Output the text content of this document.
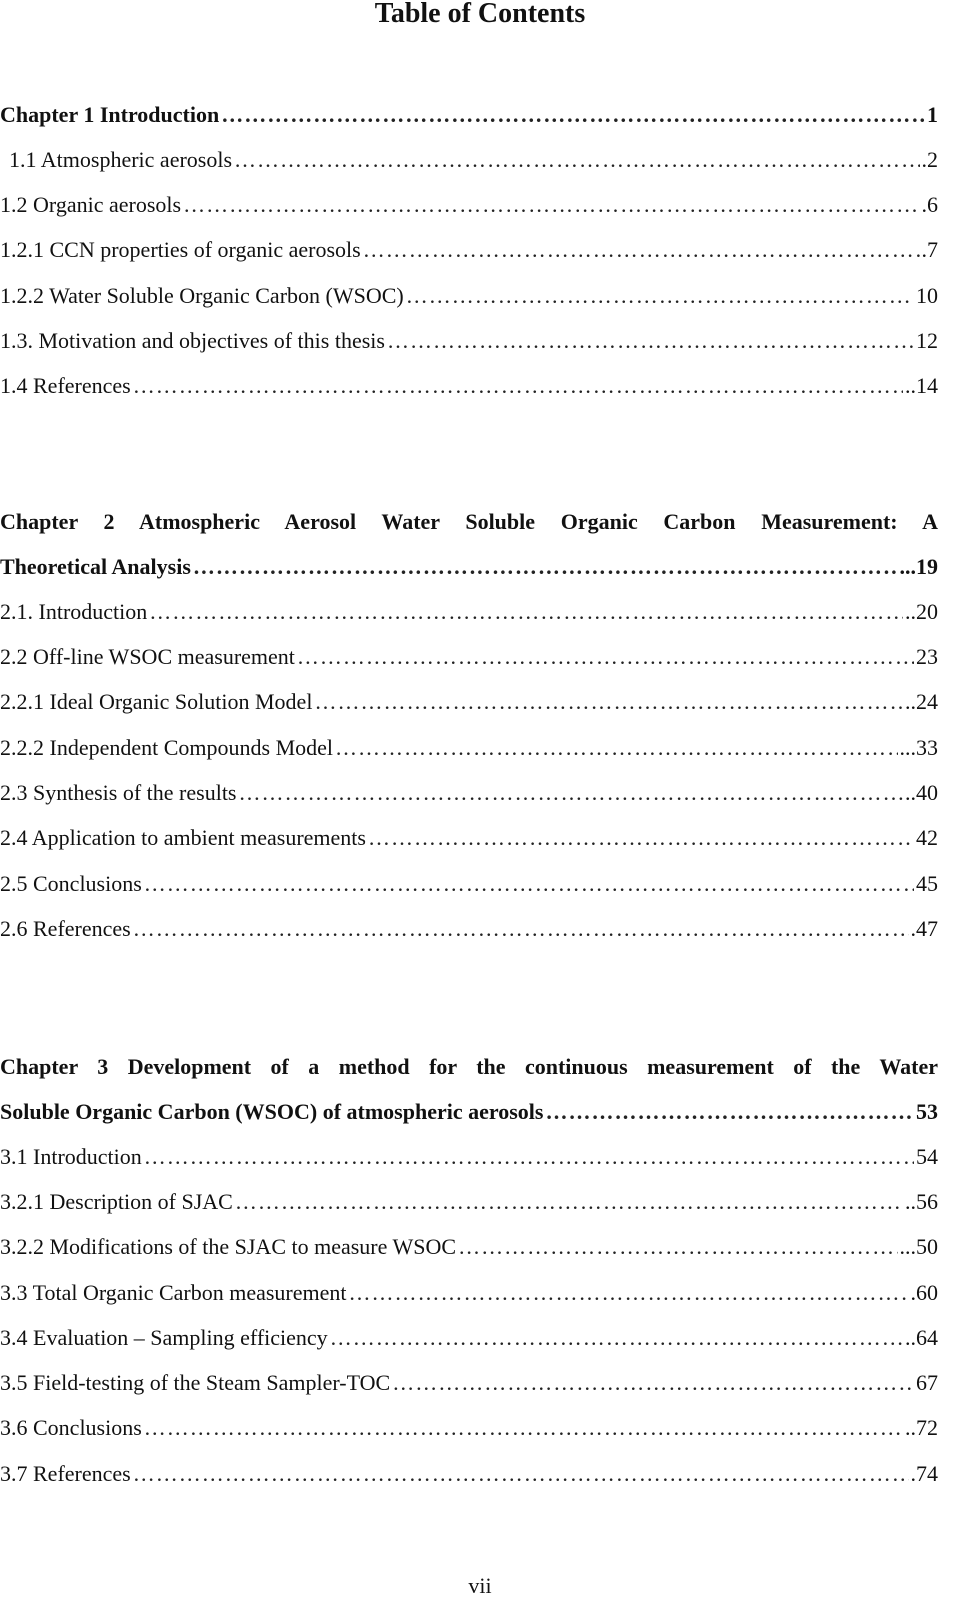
Table of Contents
Chapter 1 Introduction …………………………………………………………………………………………………………………………………………………………………………………………	1
1.1 Atmospheric aerosols …………………………………………………………………………………………………………………………………………………………………………………………	.2
1.2 Organic aerosols …………………………………………………………………………………………………………………………………………………………………………………………	.6
1.2.1 CCN properties of organic aerosols …………………………………………………………………………………………………………………………………………………………………………………………	.7
1.2.2 Water Soluble Organic Carbon (WSOC) …………………………………………………………………………………………………………………………………………………………………………………………	10
1.3. Motivation and objectives of this thesis …………………………………………………………………………………………………………………………………………………………………………………………	12
1.4 References …………………………………………………………………………………………………………………………………………………………………………………………	..14
Chapter 2 Atmospheric Aerosol Water Soluble Organic Carbon Measurement: A
Theoretical Analysis …………………………………………………………………………………………………………………………………………………………………………………………	...19
2.1. Introduction …………………………………………………………………………………………………………………………………………………………………………………………	..20
2.2 Off-line WSOC measurement …………………………………………………………………………………………………………………………………………………………………………………………	23
2.2.1 Ideal Organic Solution Model …………………………………………………………………………………………………………………………………………………………………………………………	..24
2.2.2 Independent Compounds Model …………………………………………………………………………………………………………………………………………………………………………………………	...33
2.3 Synthesis of the results …………………………………………………………………………………………………………………………………………………………………………………………	..40
2.4 Application to ambient measurements …………………………………………………………………………………………………………………………………………………………………………………………	42
2.5 Conclusions …………………………………………………………………………………………………………………………………………………………………………………………	45
2.6 References …………………………………………………………………………………………………………………………………………………………………………………………	.47
Chapter 3 Development of a method for the continuous measurement of the Water
Soluble Organic Carbon (WSOC) of atmospheric aerosols …………………………………………………………………………………………………………………………………………………………………………………………	53
3.1 Introduction …………………………………………………………………………………………………………………………………………………………………………………………	54
3.2.1 Description of SJAC …………………………………………………………………………………………………………………………………………………………………………………………	..56
3.2.2 Modifications of the SJAC to measure WSOC …………………………………………………………………………………………………………………………………………………………………………………………	...50
3.3 Total Organic Carbon measurement …………………………………………………………………………………………………………………………………………………………………………………………	.60
3.4 Evaluation – Sampling efficiency …………………………………………………………………………………………………………………………………………………………………………………………	..64
3.5 Field-testing of the Steam Sampler-TOC …………………………………………………………………………………………………………………………………………………………………………………………	67
3.6 Conclusions …………………………………………………………………………………………………………………………………………………………………………………………	..72
3.7 References …………………………………………………………………………………………………………………………………………………………………………………………	.74
vii
